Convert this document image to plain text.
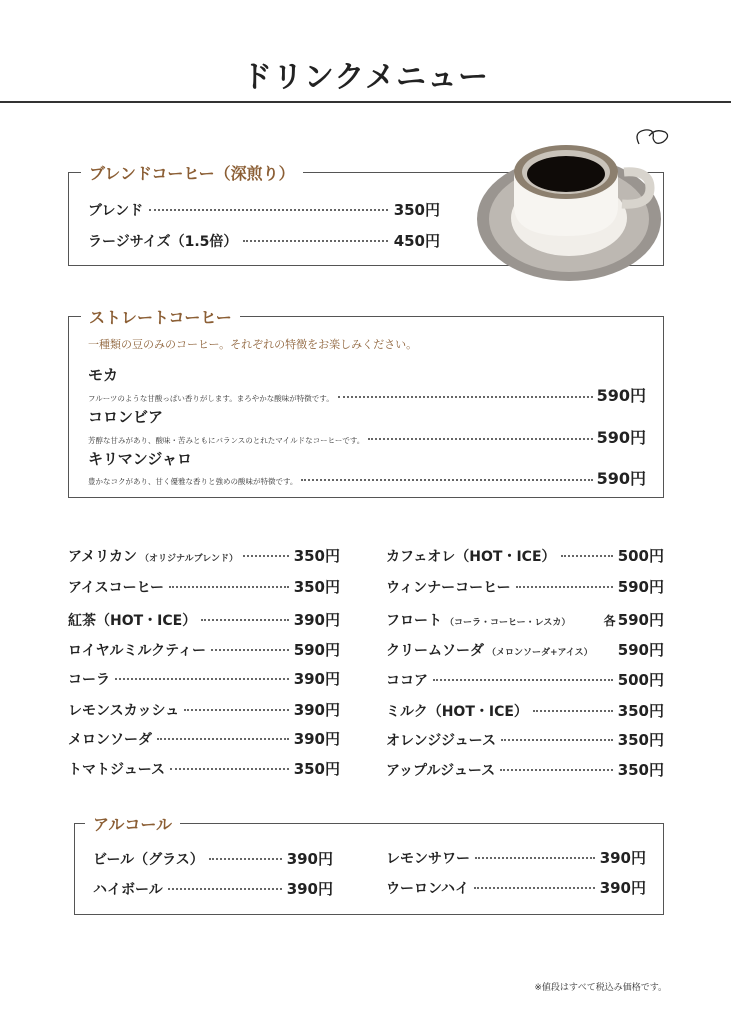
ドリンクメニュー
ブレンドコーヒー（深煎り）
ブレンド	350円
ラージサイズ（1.5倍）	450円
ストレートコーヒー
一種類の豆のみのコーヒー。それぞれの特徴をお楽しみください。
モカ
フルーツのような甘酸っぱい香りがします。まろやかな酸味が特徴です。	590円
コロンビア
芳醇な甘みがあり、酸味・苦みともにバランスのとれたマイルドなコーヒーです。	590円
キリマンジャロ
豊かなコクがあり、甘く優雅な香りと強めの酸味が特徴です。	590円
アメリカン （オリジナルブレンド）	350円
アイスコーヒー	350円
紅茶（HOT・ICE）	390円
ロイヤルミルクティー	590円
コーラ	390円
レモンスカッシュ	390円
メロンソーダ	390円
トマトジュース	350円
カフェオレ（HOT・ICE）	500円
ウィンナーコーヒー	590円
フロート （コーラ・コーヒー・レスカ）	各 590円
クリームソーダ （メロンソーダ+アイス） 590円
ココア	500円
ミルク（HOT・ICE）	350円
オレンジジュース	350円
アップルジュース	350円
アルコール
ビール（グラス）	390円
ハイボール	390円
レモンサワー	390円
ウーロンハイ	390円
※値段はすべて税込み価格です。
